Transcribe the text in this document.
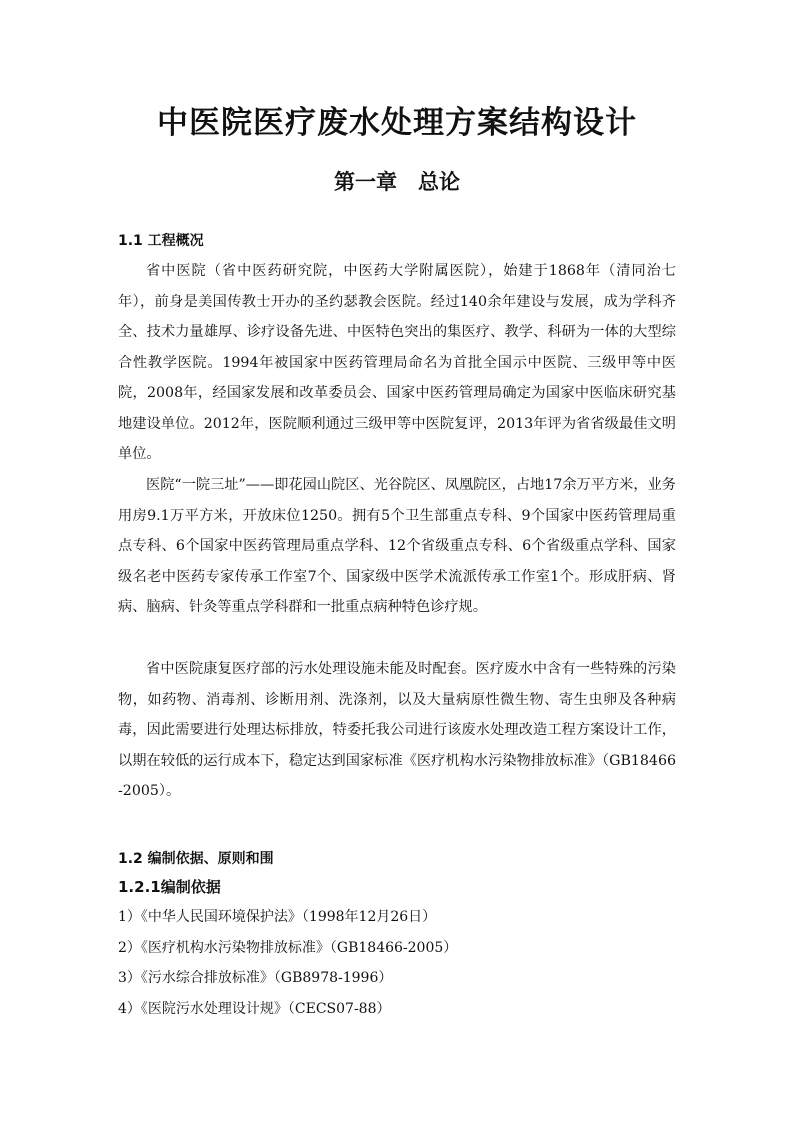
中医院医疗废水处理方案结构设计
第一章　总论
1.1 工程概况

省中医院（省中医药研究院，中医药大学附属医院），始建于1868年（清同治七年），前身是美国传教士开办的圣约瑟教会医院。经过140余年建设与发展，成为学科齐全、技术力量雄厚、诊疗设备先进、中医特色突出的集医疗、教学、科研为一体的大型综合性教学医院。1994年被国家中医药管理局命名为首批全国示中医院、三级甲等中医院，2008年，经国家发展和改革委员会、国家中医药管理局确定为国家中医临床研究基地建设单位。2012年，医院顺利通过三级甲等中医院复评，2013年评为省省级最佳文明单位。

医院“一院三址”——即花园山院区、光谷院区、凤凰院区，占地17余万平方米，业务用房9.1万平方米，开放床位1250。拥有5个卫生部重点专科、9个国家中医药管理局重点专科、6个国家中医药管理局重点学科、12个省级重点专科、6个省级重点学科、国家级名老中医药专家传承工作室7个、国家级中医学术流派传承工作室1个。形成肝病、肾病、脑病、针灸等重点学科群和一批重点病种特色诊疗规。

省中医院康复医疗部的污水处理设施未能及时配套。医疗废水中含有一些特殊的污染物，如药物、消毒剂、诊断用剂、洗涤剂，以及大量病原性微生物、寄生虫卵及各种病毒，因此需要进行处理达标排放，特委托我公司进行该废水处理改造工程方案设计工作，以期在较低的运行成本下，稳定达到国家标准《医疗机构水污染物排放标准》（GB18466-2005）。

1.2 编制依据、原则和围
1.2.1编制依据
1）《中华人民国环境保护法》（1998年12月26日）
2）《医疗机构水污染物排放标准》（GB18466-2005）
3）《污水综合排放标准》（GB8978-1996）
4）《医院污水处理设计规》（CECS07-88）
